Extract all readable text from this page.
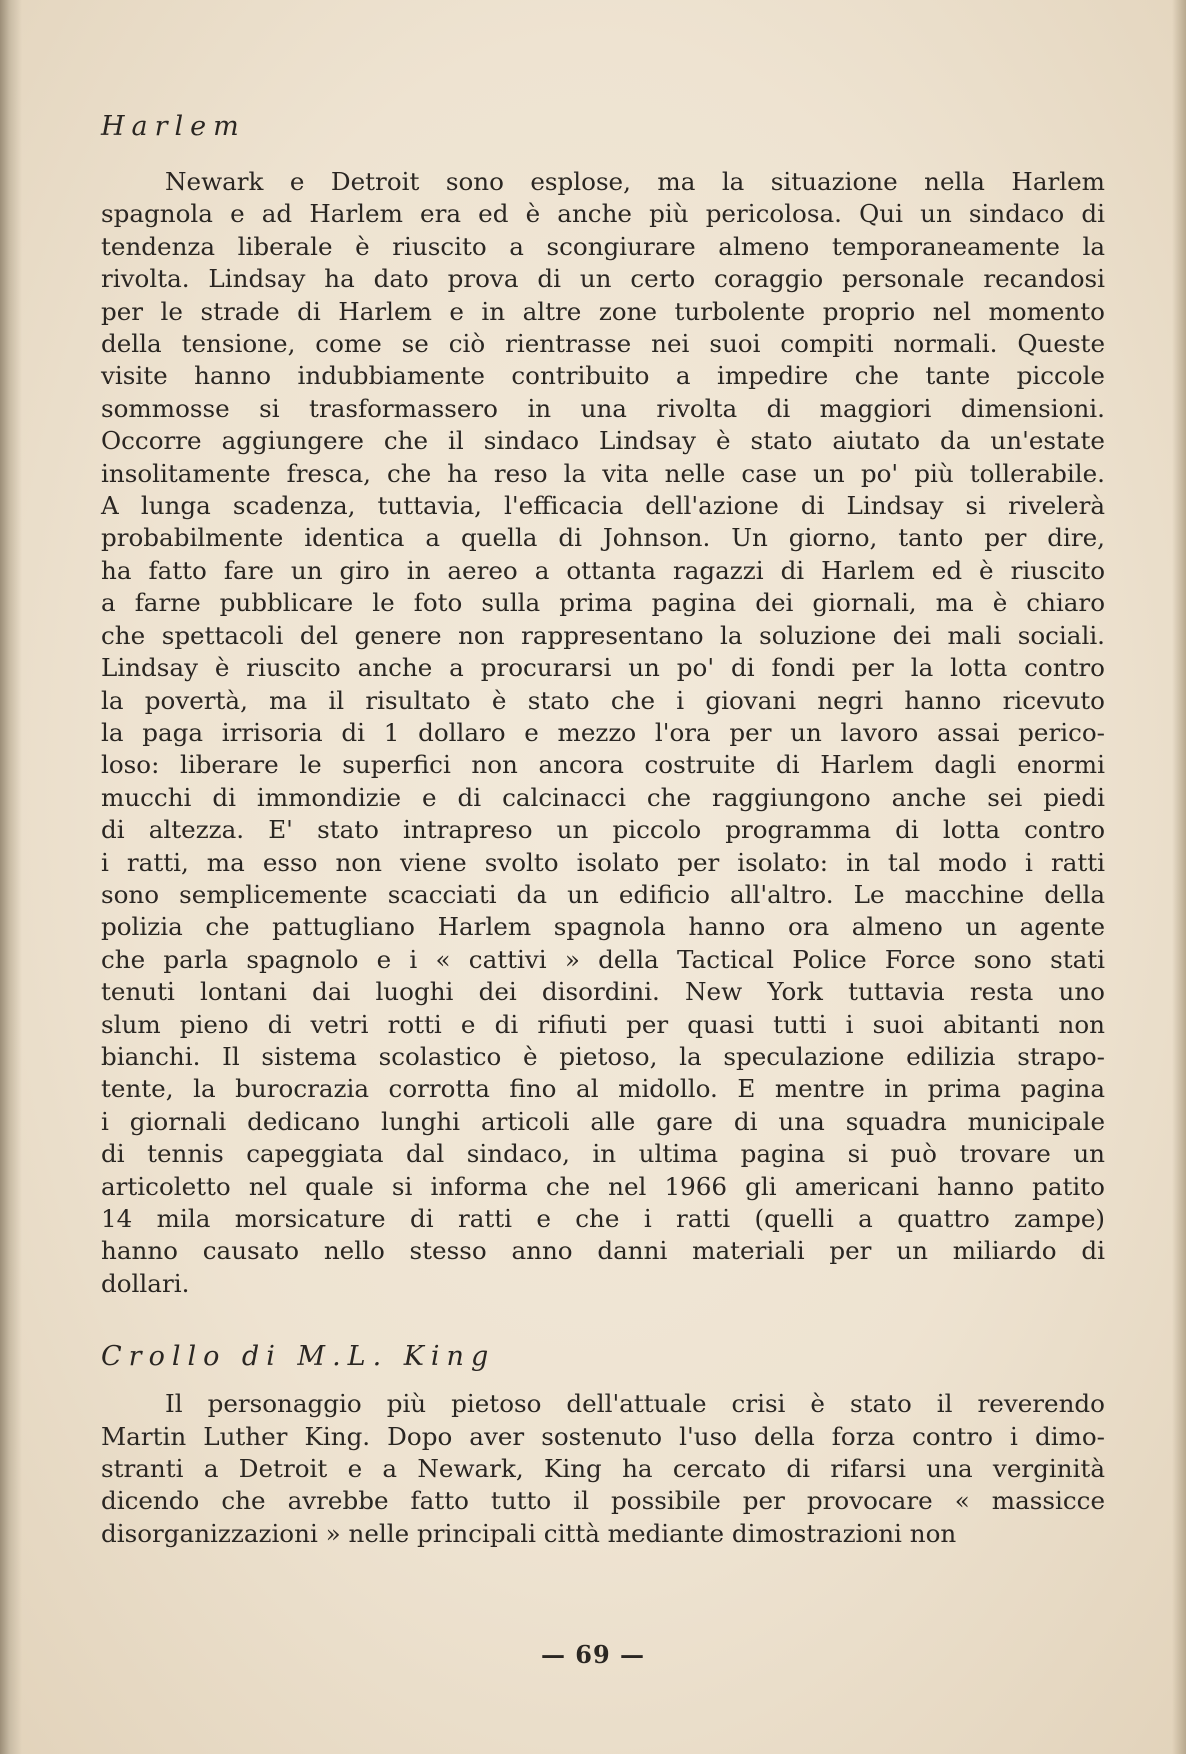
Harlem
Newark e Detroit sono esplose, ma la situazione nella Harlem
spagnola e ad Harlem era ed è anche più pericolosa. Qui un sindaco di
tendenza liberale è riuscito a scongiurare almeno temporaneamente la
rivolta. Lindsay ha dato prova di un certo coraggio personale recandosi
per le strade di Harlem e in altre zone turbolente proprio nel momento
della tensione, come se ciò rientrasse nei suoi compiti normali. Queste
visite hanno indubbiamente contribuito a impedire che tante piccole
sommosse si trasformassero in una rivolta di maggiori dimensioni.
Occorre aggiungere che il sindaco Lindsay è stato aiutato da un'estate
insolitamente fresca, che ha reso la vita nelle case un po' più tollerabile.
A lunga scadenza, tuttavia, l'efficacia dell'azione di Lindsay si rivelerà
probabilmente identica a quella di Johnson. Un giorno, tanto per dire,
ha fatto fare un giro in aereo a ottanta ragazzi di Harlem ed è riuscito
a farne pubblicare le foto sulla prima pagina dei giornali, ma è chiaro
che spettacoli del genere non rappresentano la soluzione dei mali sociali.
Lindsay è riuscito anche a procurarsi un po' di fondi per la lotta contro
la povertà, ma il risultato è stato che i giovani negri hanno ricevuto
la paga irrisoria di 1 dollaro e mezzo l'ora per un lavoro assai perico-
loso: liberare le superfici non ancora costruite di Harlem dagli enormi
mucchi di immondizie e di calcinacci che raggiungono anche sei piedi
di altezza. E' stato intrapreso un piccolo programma di lotta contro
i ratti, ma esso non viene svolto isolato per isolato: in tal modo i ratti
sono semplicemente scacciati da un edificio all'altro. Le macchine della
polizia che pattugliano Harlem spagnola hanno ora almeno un agente
che parla spagnolo e i « cattivi » della Tactical Police Force sono stati
tenuti lontani dai luoghi dei disordini. New York tuttavia resta uno
slum pieno di vetri rotti e di rifiuti per quasi tutti i suoi abitanti non
bianchi. Il sistema scolastico è pietoso, la speculazione edilizia strapo-
tente, la burocrazia corrotta fino al midollo. E mentre in prima pagina
i giornali dedicano lunghi articoli alle gare di una squadra municipale
di tennis capeggiata dal sindaco, in ultima pagina si può trovare un
articoletto nel quale si informa che nel 1966 gli americani hanno patito
14 mila morsicature di ratti e che i ratti (quelli a quattro zampe)
hanno causato nello stesso anno danni materiali per un miliardo di
dollari.
Crollo di M.L. King
Il personaggio più pietoso dell'attuale crisi è stato il reverendo
Martin Luther King. Dopo aver sostenuto l'uso della forza contro i dimo-
stranti a Detroit e a Newark, King ha cercato di rifarsi una verginità
dicendo che avrebbe fatto tutto il possibile per provocare « massicce
disorganizzazioni » nelle principali città mediante dimostrazioni non
— 69 —
